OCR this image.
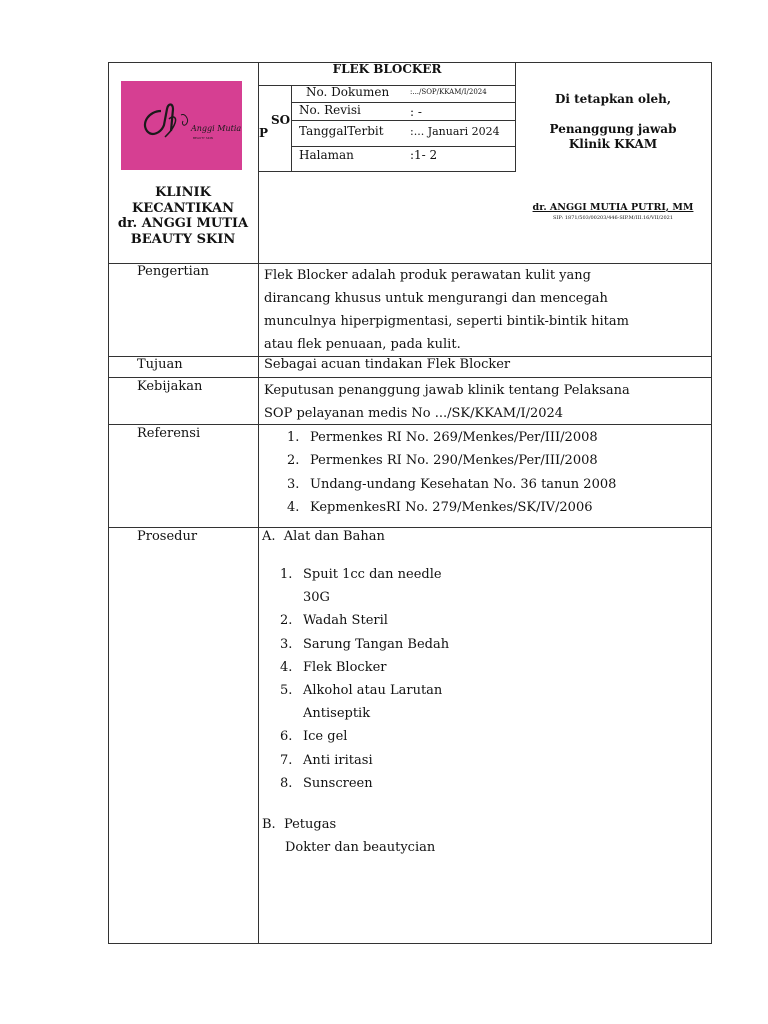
Anggi Mutia
BEAUTY SKIN
KLINIK
KECANTIKAN
dr. ANGGI MUTIA
BEAUTY SKIN
FLEK BLOCKER
SO
P
No. Dokumen	:.../SOP/KKAM/I/2024
No. Revisi	: -
TanggalTerbit :... Januari 2024
Halaman	:1- 2
Di tetapkan oleh,
Penanggung jawab
Klinik KKAM
dr. ANGGI MUTIA PUTRI, MM
SIP: 1871/503/00203/446-SIP.M/III.16/VII/2021
Pengertian	Flek Blocker adalah produk perawatan kulit yang
dirancang khusus untuk mengurangi dan mencegah
munculnya hiperpigmentasi, seperti bintik-bintik hitam
atau flek penuaan, pada kulit.
Tujuan	Sebagai acuan tindakan Flek Blocker
Kebijakan	Keputusan penanggung jawab klinik tentang Pelaksana
SOP pelayanan medis No .../SK/KKAM/I/2024
Referensi	1. Permenkes RI No. 269/Menkes/Per/III/2008
2. Permenkes RI No. 290/Menkes/Per/III/2008
3. Undang-undang Kesehatan No. 36 tanun 2008
4. KepmenkesRI No. 279/Menkes/SK/IV/2006
Prosedur	A.  Alat dan Bahan
1. Spuit 1cc dan needle
30G
2. Wadah Steril
3. Sarung Tangan Bedah
4. Flek Blocker
5. Alkohol atau Larutan
Antiseptik
6. Ice gel
7. Anti iritasi
8. Sunscreen
B.  Petugas
Dokter dan beautycian
